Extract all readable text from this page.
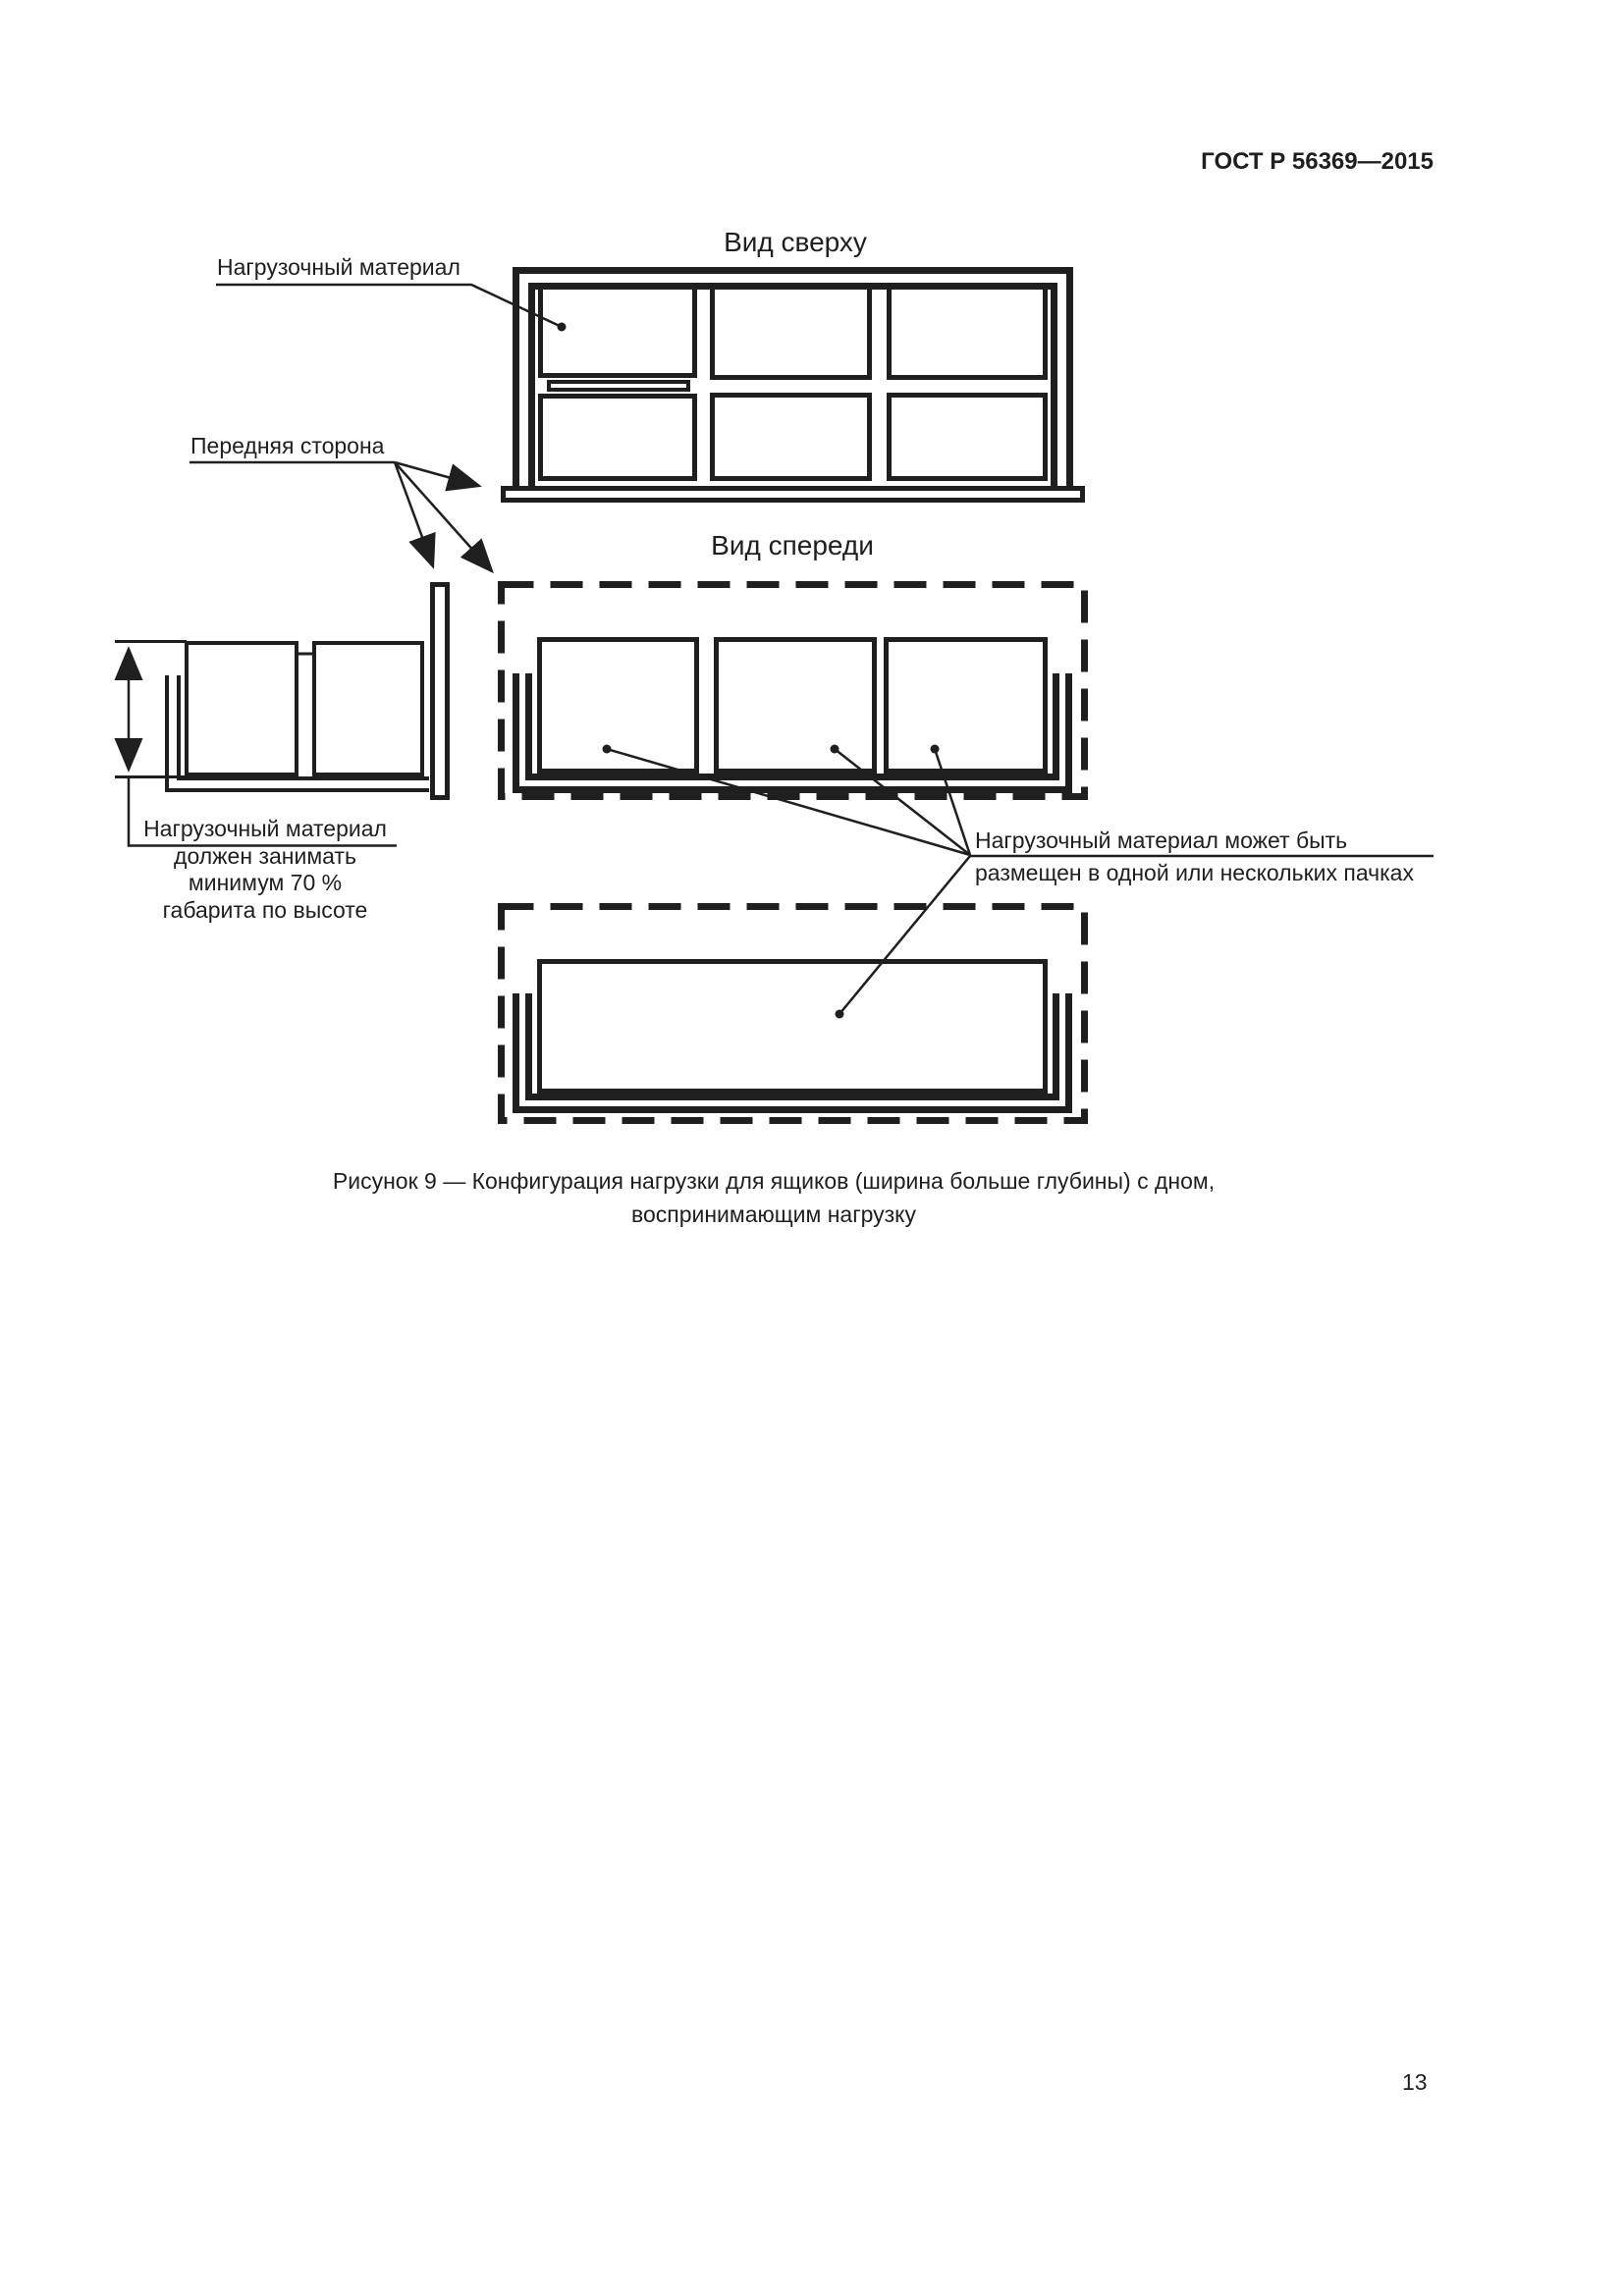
ГОСТ Р 56369—2015
Вид сверху
Нагрузочный материал
Передняя сторона
Вид спереди
Нагрузочный материал
должен занимать
минимум 70 %
габарита по высоте
Нагрузочный материал может быть
размещен в одной или нескольких пачках
Рисунок 9 — Конфигурация нагрузки для ящиков (ширина больше глубины) с дном,
воспринимающим нагрузку
13
